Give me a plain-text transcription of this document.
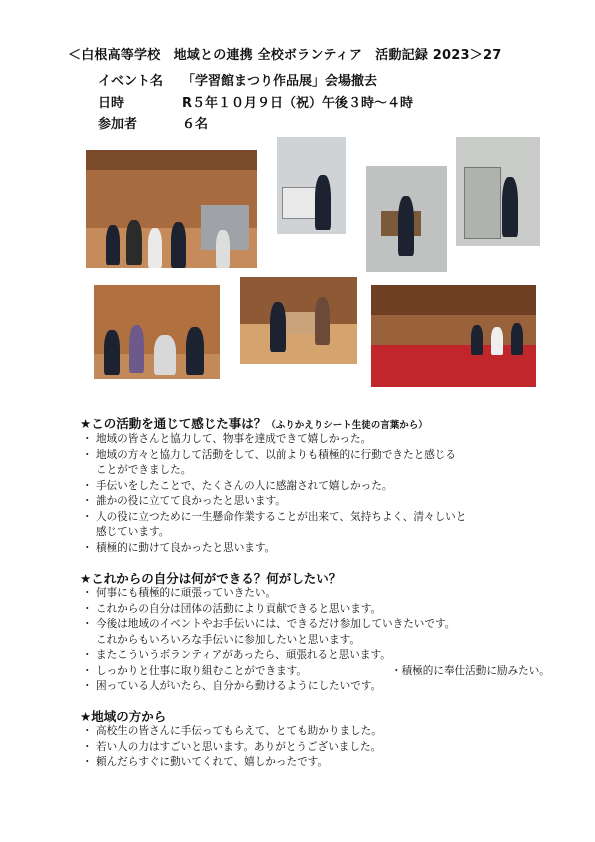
＜白根高等学校　地域との連携 全校ボランティア　活動記録 2023＞27
イベント名 「学習館まつり作品展」会場撤去
日時	R５年１０月９日（祝）午後３時～４時
参加者	６名
★この活動を通じて感じた事は？（ふりかえりシート生徒の言葉から）
・ 地域の皆さんと協力して、物事を達成できて嬉しかった。
・ 地域の方々と協力して活動をして、以前よりも積極的に行動できたと感じる
ことができました。
・ 手伝いをしたことで、たくさんの人に感謝されて嬉しかった。
・ 誰かの役に立てて良かったと思います。
・ 人の役に立つために一生懸命作業することが出来て、気持ちよく、清々しいと
感じています。
・ 積極的に動けて良かったと思います。
★これからの自分は何ができる？何がしたい？
・ 何事にも積極的に頑張っていきたい。
・ これからの自分は団体の活動により貢献できると思います。
・ 今後は地域のイベントやお手伝いには、できるだけ参加していきたいです。
これからもいろいろな手伝いに参加したいと思います。
・ またこういうボランティアがあったら、頑張れると思います。
・ しっかりと仕事に取り組むことができます。	・積極的に奉仕活動に励みたい。
・ 困っている人がいたら、自分から動けるようにしたいです。
★地域の方から
・ 高校生の皆さんに手伝ってもらえて、とても助かりました。
・ 若い人の力はすごいと思います。ありがとうございました。
・ 頼んだらすぐに動いてくれて、嬉しかったです。
